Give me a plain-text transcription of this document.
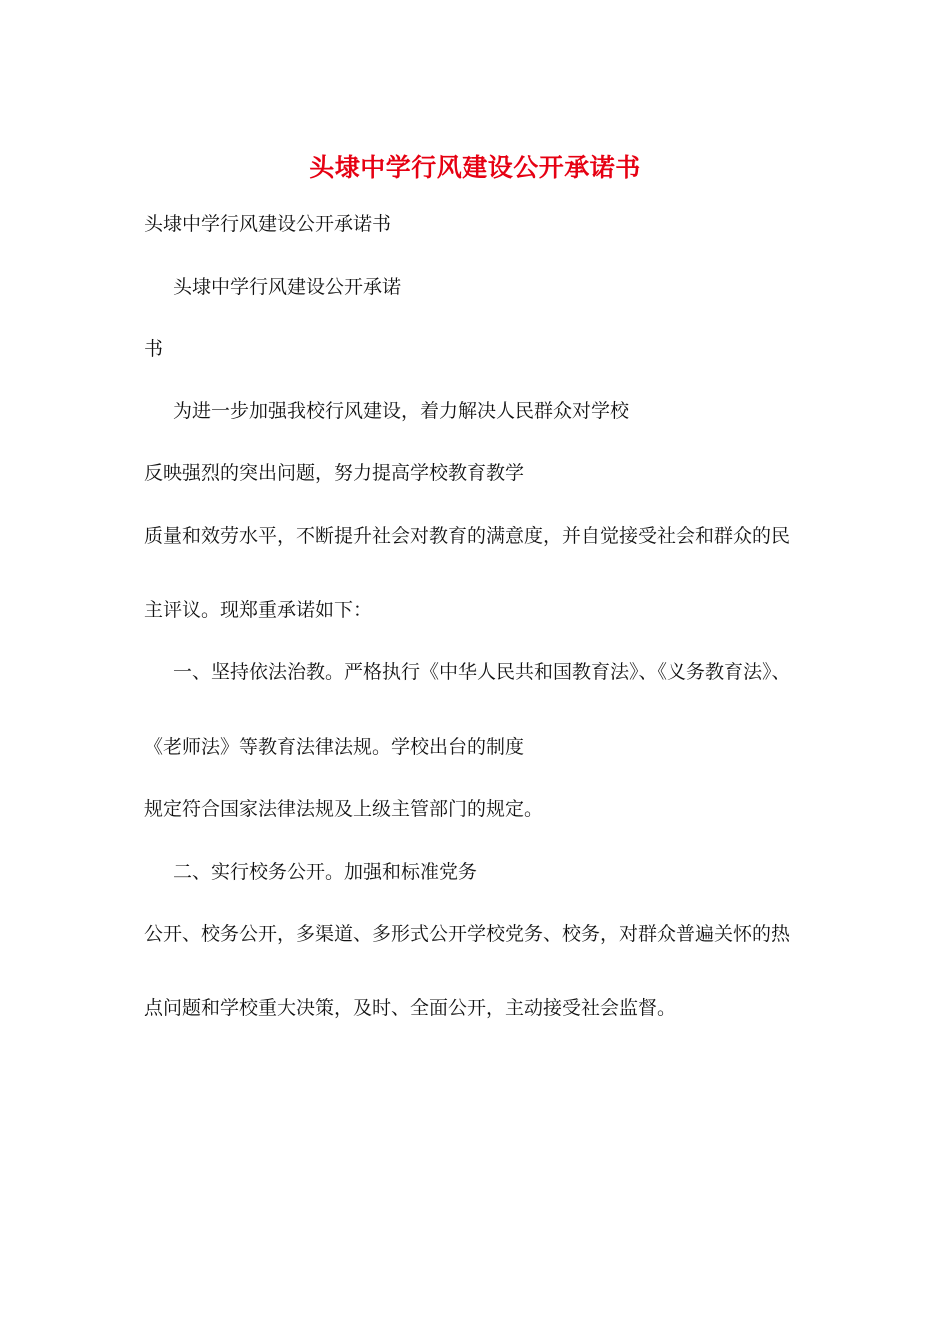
头埭中学行风建设公开承诺书

头埭中学行风建设公开承诺书

头埭中学行风建设公开承诺

书

为进一步加强我校行风建设，着力解决人民群众对学校

反映强烈的突出问题，努力提高学校教育教学

质量和效劳水平，不断提升社会对教育的满意度，并自觉接受社会和群众的民

主评议。现郑重承诺如下：

一、坚持依法治教。严格执行《中华人民共和国教育法》、《义务教育法》、

《老师法》等教育法律法规。学校出台的制度

规定符合国家法律法规及上级主管部门的规定。

二、实行校务公开。加强和标准党务

公开、校务公开，多渠道、多形式公开学校党务、校务，对群众普遍关怀的热

点问题和学校重大决策，及时、全面公开，主动接受社会监督。
